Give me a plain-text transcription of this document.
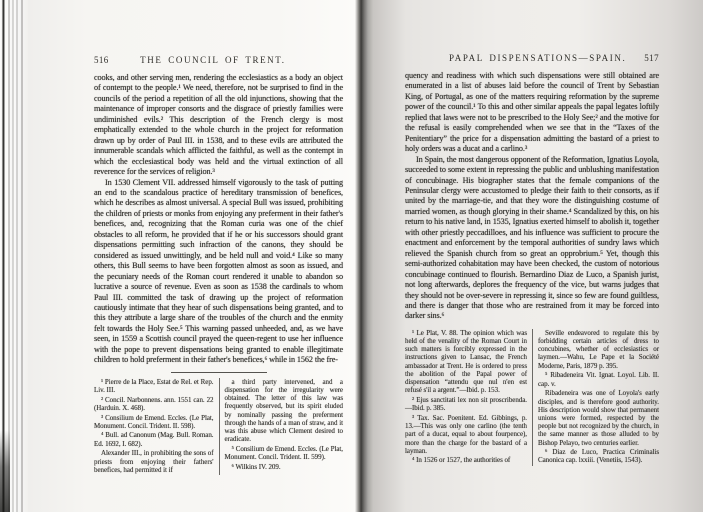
516	THE COUNCIL OF TRENT.

cooks, and other serving men, rendering the ecclesiastics as a body an object of contempt to the people.¹ We need, therefore, not be surprised to find in the councils of the period a repetition of all the old injunctions, showing that the maintenance of improper consorts and the disgrace of priestly families were undiminished evils.² This description of the French clergy is most emphatically extended to the whole church in the project for reformation drawn up by order of Paul III. in 1538, and to these evils are attributed the innumerable scandals which afflicted the faithful, as well as the contempt in which the ecclesiastical body was held and the virtual extinction of all reverence for the services of religion.³

In 1530 Clement VII. addressed himself vigorously to the task of putting an end to the scandalous practice of hereditary transmission of benefices, which he describes as almost universal. A special Bull was issued, prohibiting the children of priests or monks from enjoying any preferment in their father's benefices, and, recognizing that the Roman curia was one of the chief obstacles to all reform, he provided that if he or his successors should grant dispensations permitting such infraction of the canons, they should be considered as issued unwittingly, and be held null and void.⁴ Like so many others, this Bull seems to have been forgotten almost as soon as issued, and the pecuniary needs of the Roman court rendered it unable to abandon so lucrative a source of revenue. Even as soon as 1538 the cardinals to whom Paul III. committed the task of drawing up the project of reformation cautiously intimate that they hear of such dispensations being granted, and to this they attribute a large share of the troubles of the church and the enmity felt towards the Holy See.⁵ This warning passed unheeded, and, as we have seen, in 1559 a Scottish council prayed the queen-regent to use her influence with the pope to prevent dispensations being granted to enable illegitimate children to hold preferment in their father's benefices,⁶ while in 1562 the fre-

¹ Pierre de la Place, Estat de Rel. et Rep. Liv. III.

² Concil. Narbonnens. ann. 1551 can. 22 (Harduin. X. 468).

³ Consilium de Emend. Eccles. (Le Plat, Monument. Concil. Trident. II. 598).

⁴ Bull. ad Canonum (Mag. Bull. Roman. Ed. 1692, I. 682).

Alexander III., in prohibiting the sons of priests from enjoying their fathers' benefices, had permitted it if

a third party intervened, and a dispensation for the irregularity were obtained. The letter of this law was frequently observed, but its spirit eluded by nominally passing the preferment through the hands of a man of straw, and it was this abuse which Clement desired to eradicate.

⁵ Consilium de Emend. Eccles. (Le Plat, Monument. Concil. Trident. II. 599).

⁶ Wilkins IV. 209.

PAPAL DISPENSATIONS—SPAIN. 517

quency and readiness with which such dispensations were still obtained are enumerated in a list of abuses laid before the council of Trent by Sebastian King, of Portugal, as one of the matters requiring reformation by the supreme power of the council.¹ To this and other similar appeals the papal legates loftily replied that laws were not to be prescribed to the Holy See;² and the motive for the refusal is easily comprehended when we see that in the “Taxes of the Penitentiary” the price for a dispensation admitting the bastard of a priest to holy orders was a ducat and a carlino.³

In Spain, the most dangerous opponent of the Reformation, Ignatius Loyola, succeeded to some extent in repressing the public and unblushing manifestation of concubinage. His biographer states that the female companions of the Peninsular clergy were accustomed to pledge their faith to their consorts, as if united by the marriage-tie, and that they wore the distinguishing costume of married women, as though glorying in their shame.⁴ Scandalized by this, on his return to his native land, in 1535, Ignatius exerted himself to abolish it, together with other priestly peccadilloes, and his influence was sufficient to procure the enactment and enforcement by the temporal authorities of sundry laws which relieved the Spanish church from so great an opprobrium.⁵ Yet, though this semi-authorized cohabitation may have been checked, the custom of notorious concubinage continued to flourish. Bernardino Diaz de Luco, a Spanish jurist, not long afterwards, deplores the frequency of the vice, but warns judges that they should not be over-severe in repressing it, since so few are found guiltless, and there is danger that those who are restrained from it may be forced into darker sins.⁶

¹ Le Plat, V. 88. The opinion which was held of the venality of the Roman Court in such matters is forcibly expressed in the instructions given to Lansac, the French ambassador at Trent. He is ordered to press the abolition of the Papal power of dispensation “attendu que nul n'en est refusé s'il a argent.”—Ibid. p. 153.

² Ejus sanctitati lex non sit proscribenda.—Ibid. p. 385.

³ Tax. Sac. Poenitent. Ed. Gibbings, p. 13.—This was only one carlino (the tenth part of a ducat, equal to about fourpence), more than the charge for the bastard of a layman.

⁴ In 1526 or 1527, the authorities of

Seville endeavored to regulate this by forbidding certain articles of dress to concubines, whether of ecclesiastics or laymen.—Wahu, Le Pape et la Société Moderne, Paris, 1879 p. 395.

⁵ Ribadeneira Vit. Ignat. Loyol. Lib. II. cap. v.

Ribadeneira was one of Loyola's early disciples, and is therefore good authority. His description would show that permanent unions were formed, respected by the people but not recognized by the church, in the same manner as those alluded to by Bishop Pelayo, two centuries earlier.

⁶ Diaz de Luco, Practica Criminalis Canonica cap. lxxiii. (Venetiis, 1543).
